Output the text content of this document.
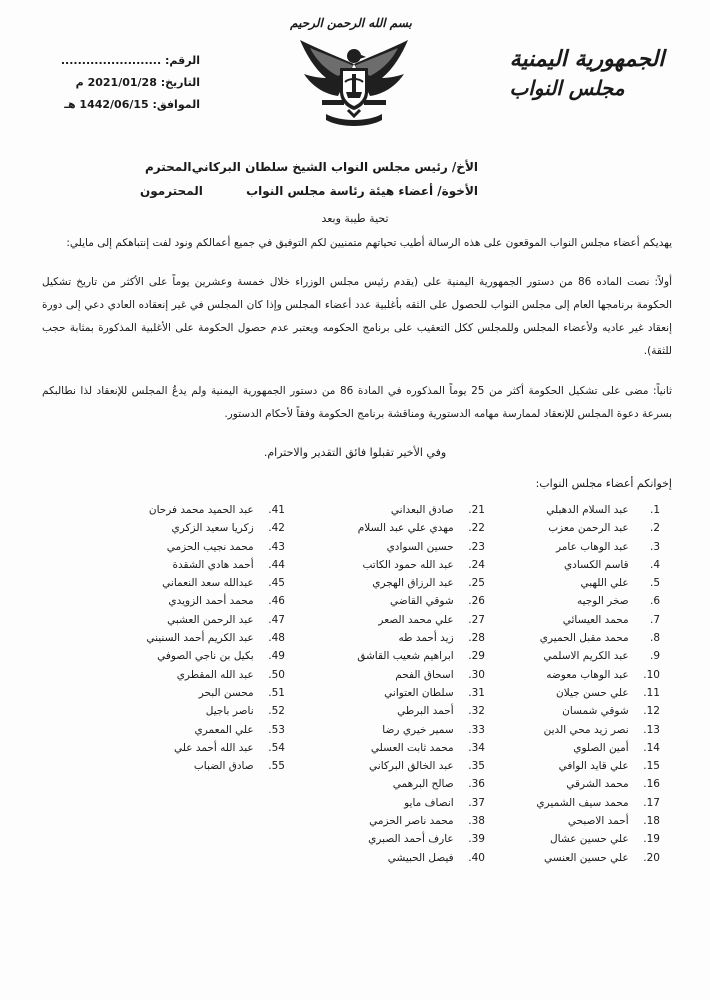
الجمهورية اليمنية
مجلس النواب
بسم الله الرحمن الرحيم
الرقم: ........................
التاريخ: 2021/01/28 م
الموافق: 1442/06/15 هـ
الأخ/ رئيس مجلس النواب الشيخ سلطان البركاني
المحترم
الأخوة/ أعضاء هيئة رئاسة مجلس النواب
المحترمون
تحية طيبة وبعد
يهديكم أعضاء مجلس النواب الموقعون على هذه الرسالة أطيب تحياتهم متمنيين لكم التوفيق في جميع أعمالكم ونود لفت إنتباهكم إلى مايلي:
أولاً: نصت الماده 86 من دستور الجمهورية اليمنية على (يقدم رئيس مجلس الوزراء خلال خمسة وعشرين يوماً على الأكثر من تاريخ تشكيل الحكومة برنامجها العام إلى مجلس النواب للحصول على الثقه بأغلبية عدد أعضاء المجلس وإذا كان المجلس في غير إنعقاده العادي دعي إلى دورة إنعقاد غير عاديه ولأعضاء المجلس وللمجلس ككل التعقيب على برنامج الحكومه ويعتبر عدم حصول الحكومة على الأغلبية المذكورة بمثابة حجب للثقة).
ثانياً: مضى على تشكيل الحكومة أكثر من 25 يوماً المذكوره في المادة 86 من دستور الجمهورية اليمنية ولم يدعُ المجلس للإنعقاد لذا نطالبكم بسرعة دعوة المجلس للإنعقاد لممارسة مهامه الدستورية ومناقشة برنامج الحكومة وفقاً لأحكام الدستور.
وفي الأخير تقبلوا فائق التقدير والاحترام.
إخوانكم أعضاء مجلس النواب:
1. عبد السلام الدهبلي
2. عبد الرحمن معزب
3. عبد الوهاب عامر
4. قاسم الكسادي
5. علي اللهبي
6. صخر الوجيه
7. محمد العيسائي
8. محمد مقبل الحميري
9. عبد الكريم الاسلمي
10. عبد الوهاب معوضه
11. علي حسن جيلان
12. شوقي شمسان
13. نصر زيد محي الدين
14. أمين الصلوي
15. علي قايد الوافي
16. محمد الشرقي
17. محمد سيف الشميري
18. أحمد الاصبحي
19. علي حسين عشال
20. علي حسين العنسي
21. صادق البعداني
22. مهدي علي عبد السلام
23. حسين السوادي
24. عبد الله حمود الكاتب
25. عبد الرزاق الهجري
26. شوقي القاضي
27. علي محمد الصعر
28. زيد أحمد طه
29. ابراهيم شعيب القاشق
30. اسحاق الفحم
31. سلطان العتواني
32. أحمد البرطي
33. سمير خيري رضا
34. محمد ثابت العسلي
35. عبد الخالق البركاني
36. صالح البرهمي
37. انصاف مايو
38. محمد ناصر الحزمي
39. عارف أحمد الصبري
40. فيصل الحبيشي
41. عبد الحميد محمد فرحان
42. زكريا سعيد الزكري
43. محمد نجيب الحزمي
44. أحمد هادي الشقدة
45. عبدالله سعد النعماني
46. محمد أحمد الزويدي
47. عبد الرحمن العشبي
48. عبد الكريم أحمد السنيني
49. بكيل بن ناجي الصوفي
50. عبد الله المقطري
51. محسن البحر
52. ناصر باجيل
53. علي المعمري
54. عبد الله أحمد علي
55. صادق الضباب
